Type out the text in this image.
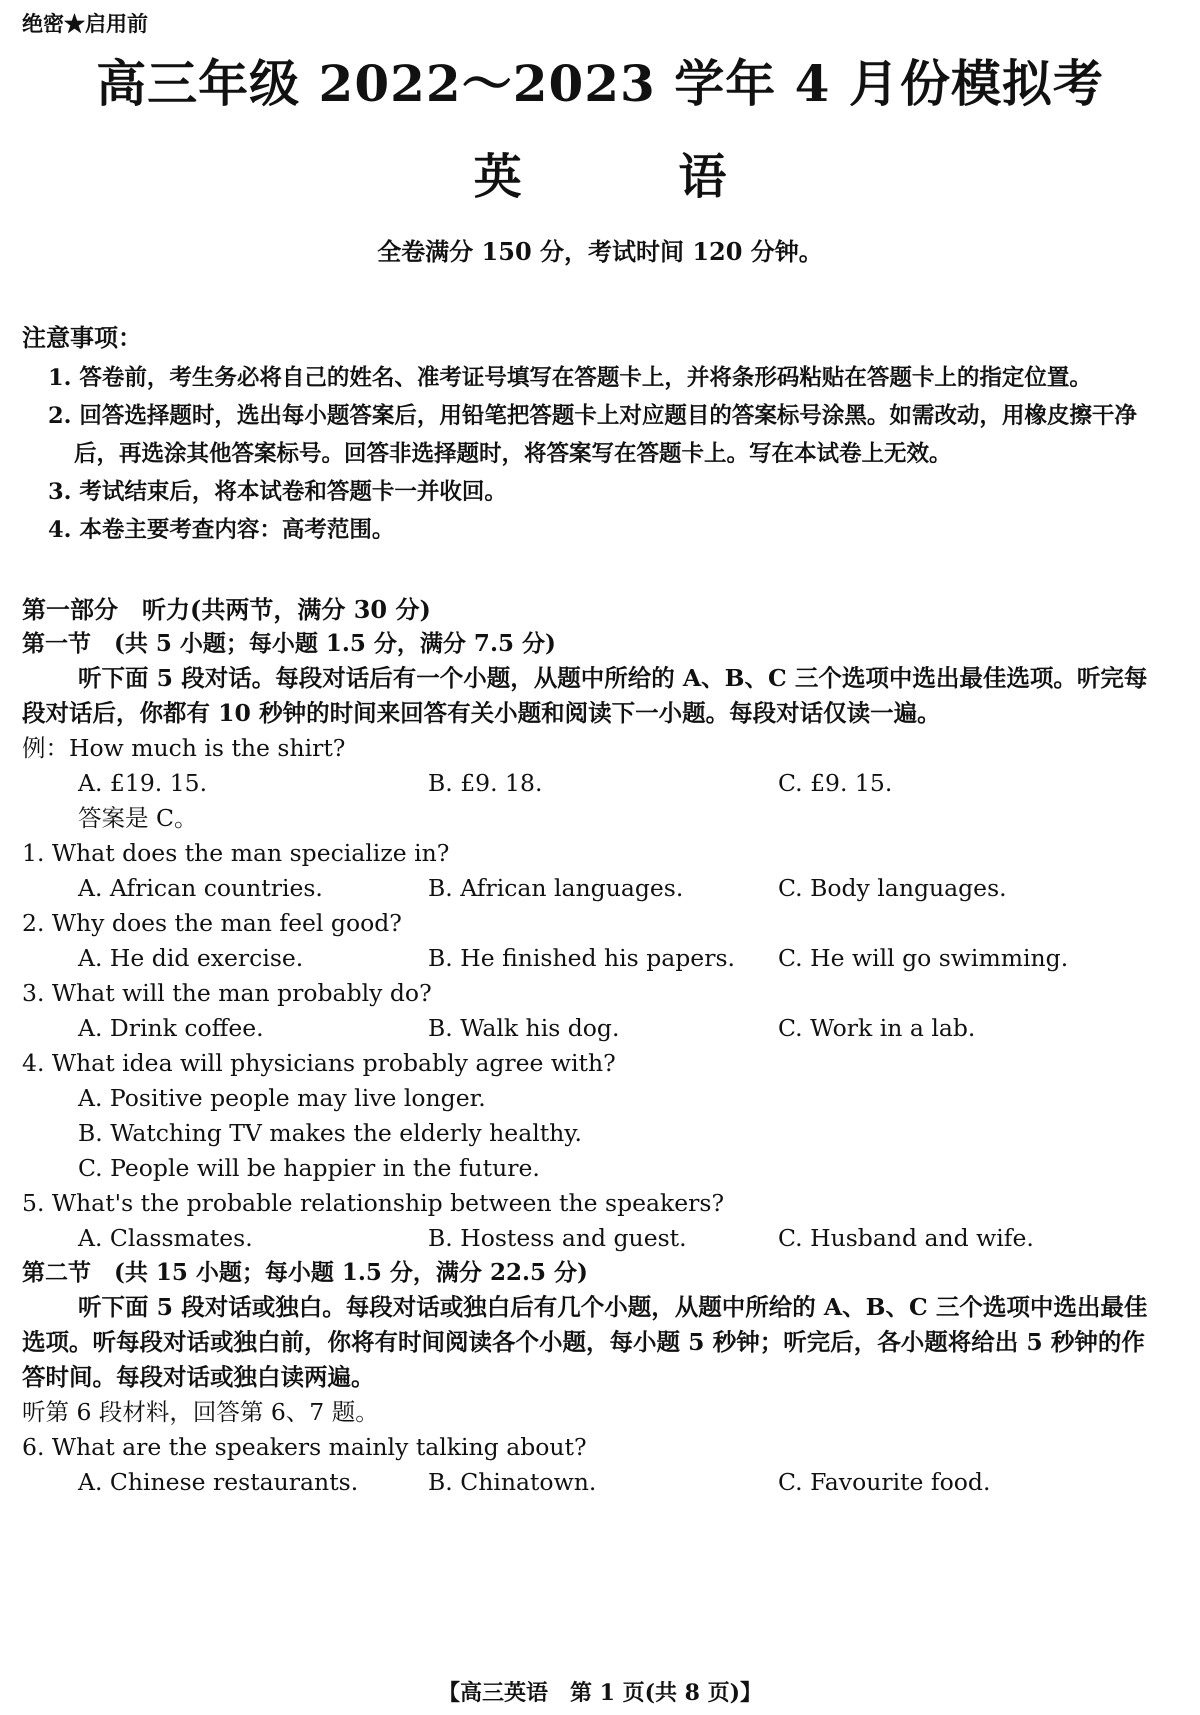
绝密★启用前
高三年级 2022～2023 学年 4 月份模拟考
英	语
全卷满分 150 分，考试时间 120 分钟。
注意事项：

1. 答卷前，考生务必将自己的姓名、准考证号填写在答题卡上，并将条形码粘贴在答题卡上的指定位置。

2. 回答选择题时，选出每小题答案后，用铅笔把答题卡上对应题目的答案标号涂黑。如需改动，用橡皮擦干净后，再选涂其他答案标号。回答非选择题时，将答案写在答题卡上。写在本试卷上无效。

3. 考试结束后，将本试卷和答题卡一并收回。

4. 本卷主要考查内容：高考范围。

第一部分　听力(共两节，满分 30 分)
第一节　(共 5 小题；每小题 1.5 分，满分 7.5 分)

听下面 5 段对话。每段对话后有一个小题，从题中所给的 A、B、C 三个选项中选出最佳选项。听完每段对话后，你都有 10 秒钟的时间来回答有关小题和阅读下一小题。每段对话仅读一遍。

例：How much is the shirt?
A. £19. 15.	B. £9. 18.	C. £9. 15.
答案是 C。
1. What does the man specialize in?
A. African countries.	B. African languages.	C. Body languages.
2. Why does the man feel good?
A. He did exercise.	B. He finished his papers.	C. He will go swimming.
3. What will the man probably do?
A. Drink coffee.	B. Walk his dog.	C. Work in a lab.
4. What idea will physicians probably agree with?
A. Positive people may live longer.
B. Watching TV makes the elderly healthy.
C. People will be happier in the future.
5. What's the probable relationship between the speakers?
A. Classmates.	B. Hostess and guest.	C. Husband and wife.
第二节　(共 15 小题；每小题 1.5 分，满分 22.5 分)

听下面 5 段对话或独白。每段对话或独白后有几个小题，从题中所给的 A、B、C 三个选项中选出最佳选项。听每段对话或独白前，你将有时间阅读各个小题，每小题 5 秒钟；听完后，各小题将给出 5 秒钟的作答时间。每段对话或独白读两遍。

听第 6 段材料，回答第 6、7 题。
6. What are the speakers mainly talking about?
A. Chinese restaurants.	B. Chinatown.	C. Favourite food.
【高三英语　第 1 页(共 8 页)】
